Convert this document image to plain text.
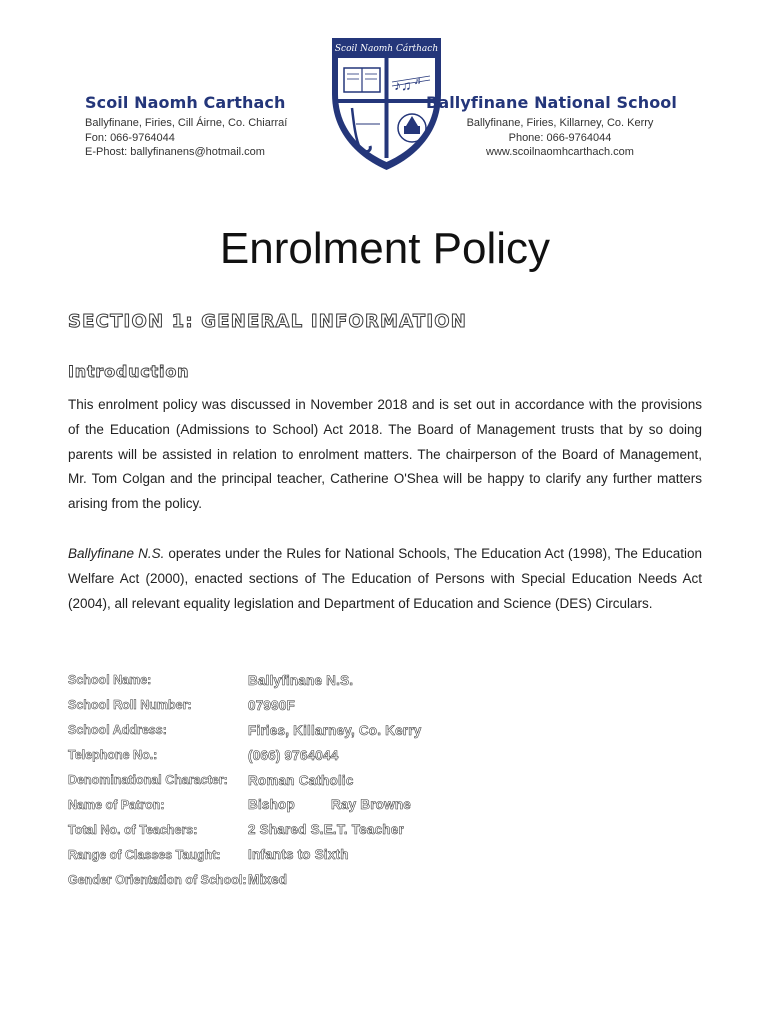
Scoil Naomh Carthach

Ballyfinane, Firies, Cill Áirne, Co. Chiarraí

Fon: 066-9764044

E-Phost: ballyfinanens@hotmail.com

Scoil Naomh Cárthach
♪♫ ♬

Ballyfinane National School

Ballyfinane, Firies, Killarney, Co. Kerry

Phone: 066-9764044

www.scoilnaomhcarthach.com

Enrolment Policy
SECTION 1: GENERAL INFORMATION
Introduction

This enrolment policy was discussed in November 2018 and is set out in accordance with the provisions of the Education (Admissions to School) Act 2018. The Board of Management trusts that by so doing parents will be assisted in relation to enrolment matters. The chairperson of the Board of Management, Mr. Tom Colgan and the principal teacher, Catherine O'Shea will be happy to clarify any further matters arising from the policy.

Ballyfinane N.S. operates under the Rules for National Schools, The Education Act (1998), The Education Welfare Act (2000), enacted sections of The Education of Persons with Special Education Needs Act (2004), all relevant equality legislation and Department of Education and Science (DES) Circulars.

School Name:	Ballyfinane N.S.
School Roll Number:	07990F
School Address:	Firies, Killarney, Co. Kerry
Telephone No.:	(066) 9764044
Denominational Character:	Roman Catholic
Name of Patron:	Bishop Ray Browne
Total No. of Teachers:	2 Shared S.E.T. Teacher
Range of Classes Taught:	Infants to Sixth
Gender Orientation of School:	Mixed
